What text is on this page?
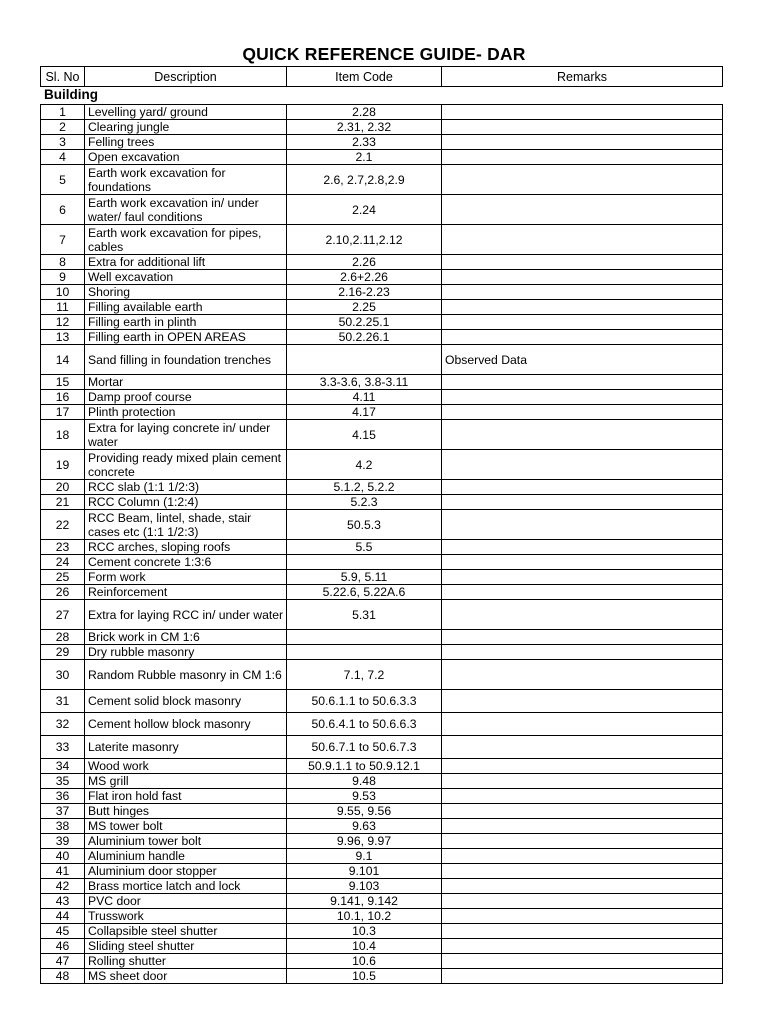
QUICK REFERENCE GUIDE- DAR
Sl. No	Description	Item Code	Remarks
Building
1	Levelling yard/ ground	2.28	
2	Clearing jungle	2.31, 2.32	
3	Felling trees	2.33	
4	Open excavation	2.1	
5	Earth work excavation for foundations	2.6, 2.7,2.8,2.9	
6	Earth work excavation in/ under water/ faul conditions	2.24	
7	Earth work excavation for pipes, cables	2.10,2.11,2.12	
8	Extra for additional lift	2.26	
9	Well excavation	2.6+2.26	
10	Shoring	2.16-2.23	
11	Filling available earth	2.25	
12	Filling earth in plinth	50.2.25.1	
13	Filling earth in OPEN AREAS	50.2.26.1	
14	Sand filling in foundation trenches		Observed Data
15	Mortar	3.3-3.6, 3.8-3.11	
16	Damp proof course	4.11	
17	Plinth protection	4.17	
18	Extra for laying concrete in/ under water	4.15	
19	Providing ready mixed plain cement concrete	4.2	
20	RCC slab (1:1 1/2:3)	5.1.2, 5.2.2	
21	RCC Column (1:2:4)	5.2.3	
22	RCC Beam, lintel, shade, stair cases etc (1:1 1/2:3)	50.5.3	
23	RCC arches, sloping roofs	5.5	
24	Cement concrete 1:3:6		
25	Form work	5.9, 5.11	
26	Reinforcement	5.22.6, 5.22A.6	
27	Extra for laying RCC in/ under water	5.31	
28	Brick work in CM 1:6		
29	Dry rubble masonry		
30	Random Rubble masonry in CM 1:6	7.1, 7.2	
31	Cement solid block masonry	50.6.1.1 to 50.6.3.3	
32	Cement hollow block masonry	50.6.4.1 to 50.6.6.3	
33	Laterite masonry	50.6.7.1 to 50.6.7.3	
34	Wood work	50.9.1.1 to 50.9.12.1	
35	MS grill	9.48	
36	Flat iron hold fast	9.53	
37	Butt hinges	9.55, 9.56	
38	MS tower bolt	9.63	
39	Aluminium tower bolt	9.96, 9.97	
40	Aluminium handle	9.1	
41	Aluminium door stopper	9.101	
42	Brass mortice latch and lock	9.103	
43	PVC door	9.141, 9.142	
44	Trusswork	10.1, 10.2	
45	Collapsible steel shutter	10.3	
46	Sliding steel shutter	10.4	
47	Rolling shutter	10.6	
48	MS sheet door	10.5	
